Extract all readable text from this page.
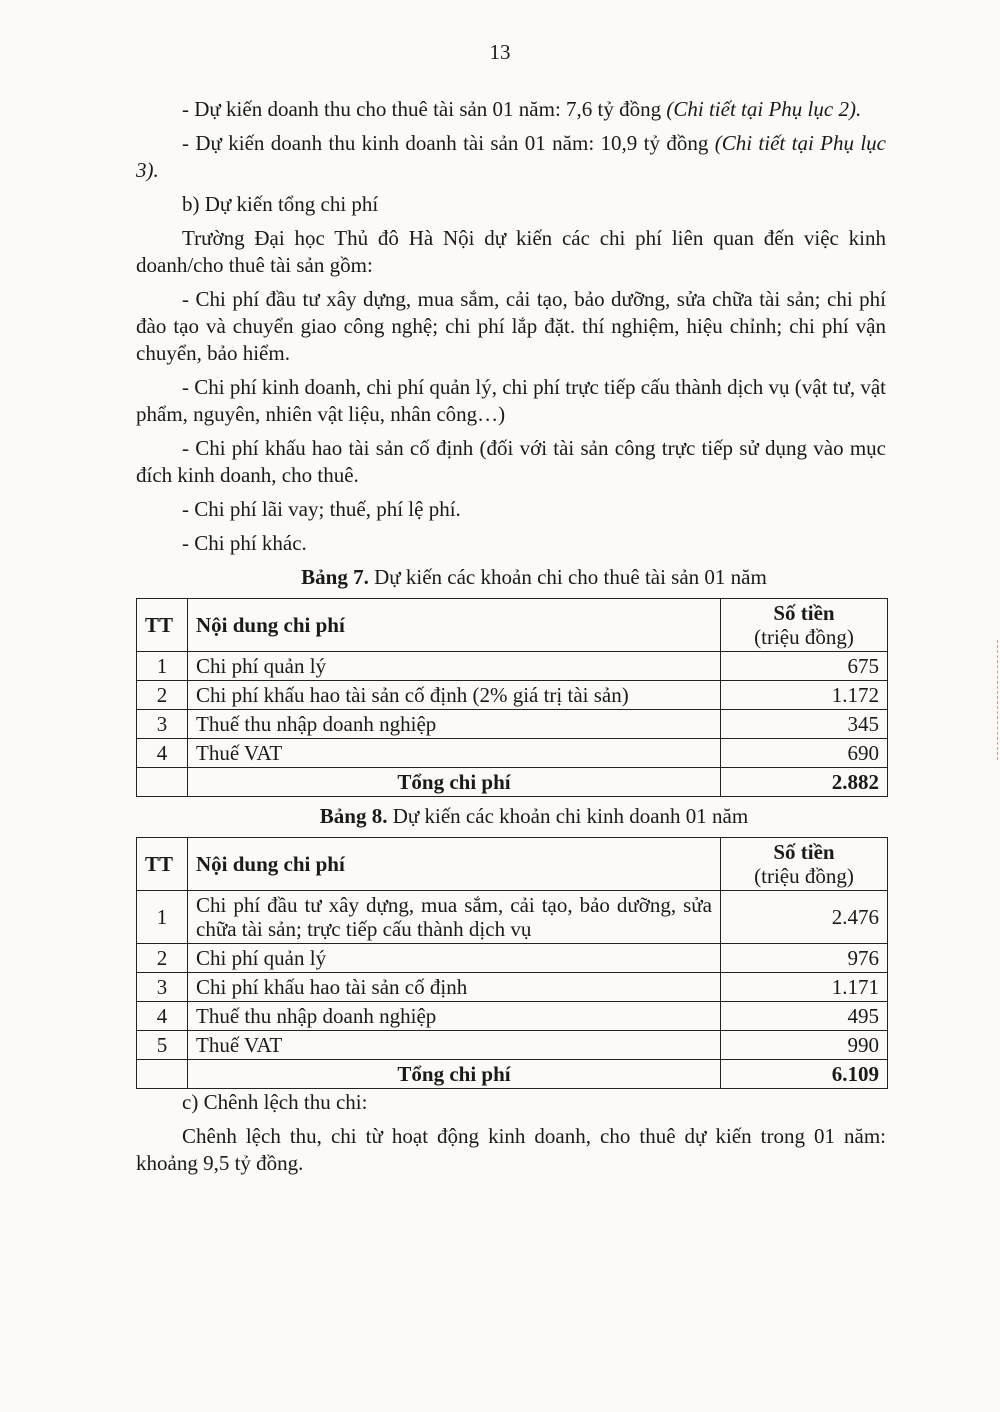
13

- Dự kiến doanh thu cho thuê tài sản 01 năm: 7,6 tỷ đồng (Chi tiết tại Phụ lục 2).

- Dự kiến doanh thu kinh doanh tài sản 01 năm: 10,9 tỷ đồng (Chi tiết tại Phụ lục 3).

b) Dự kiến tổng chi phí

Trường Đại học Thủ đô Hà Nội dự kiến các chi phí liên quan đến việc kinh doanh/cho thuê tài sản gồm:

- Chi phí đầu tư xây dựng, mua sắm, cải tạo, bảo dưỡng, sửa chữa tài sản; chi phí đào tạo và chuyển giao công nghệ; chi phí lắp đặt. thí nghiệm, hiệu chỉnh; chi phí vận chuyển, bảo hiểm.

- Chi phí kinh doanh, chi phí quản lý, chi phí trực tiếp cấu thành dịch vụ (vật tư, vật phẩm, nguyên, nhiên vật liệu, nhân công…)

- Chi phí khấu hao tài sản cố định (đối với tài sản công trực tiếp sử dụng vào mục đích kinh doanh, cho thuê.

- Chi phí lãi vay; thuế, phí lệ phí.

- Chi phí khác.

Bảng 7. Dự kiến các khoản chi cho thuê tài sản 01 năm

TT	Nội dung chi phí	Số tiền
(triệu đồng)
1	Chi phí quản lý	675
2	Chi phí khấu hao tài sản cố định (2% giá trị tài sản)	1.172
3	Thuế thu nhập doanh nghiệp	345
4	Thuế VAT	690
	Tổng chi phí	2.882

Bảng 8. Dự kiến các khoản chi kinh doanh 01 năm

TT	Nội dung chi phí	Số tiền
(triệu đồng)
1	Chi phí đầu tư xây dựng, mua sắm, cải tạo, bảo dưỡng, sửa chữa tài sản; trực tiếp cấu thành dịch vụ	2.476
2	Chi phí quản lý	976
3	Chi phí khấu hao tài sản cố định	1.171
4	Thuế thu nhập doanh nghiệp	495
5	Thuế VAT	990
	Tổng chi phí	6.109

c) Chênh lệch thu chi:

Chênh lệch thu, chi từ hoạt động kinh doanh, cho thuê dự kiến trong 01 năm: khoảng 9,5 tỷ đồng.
